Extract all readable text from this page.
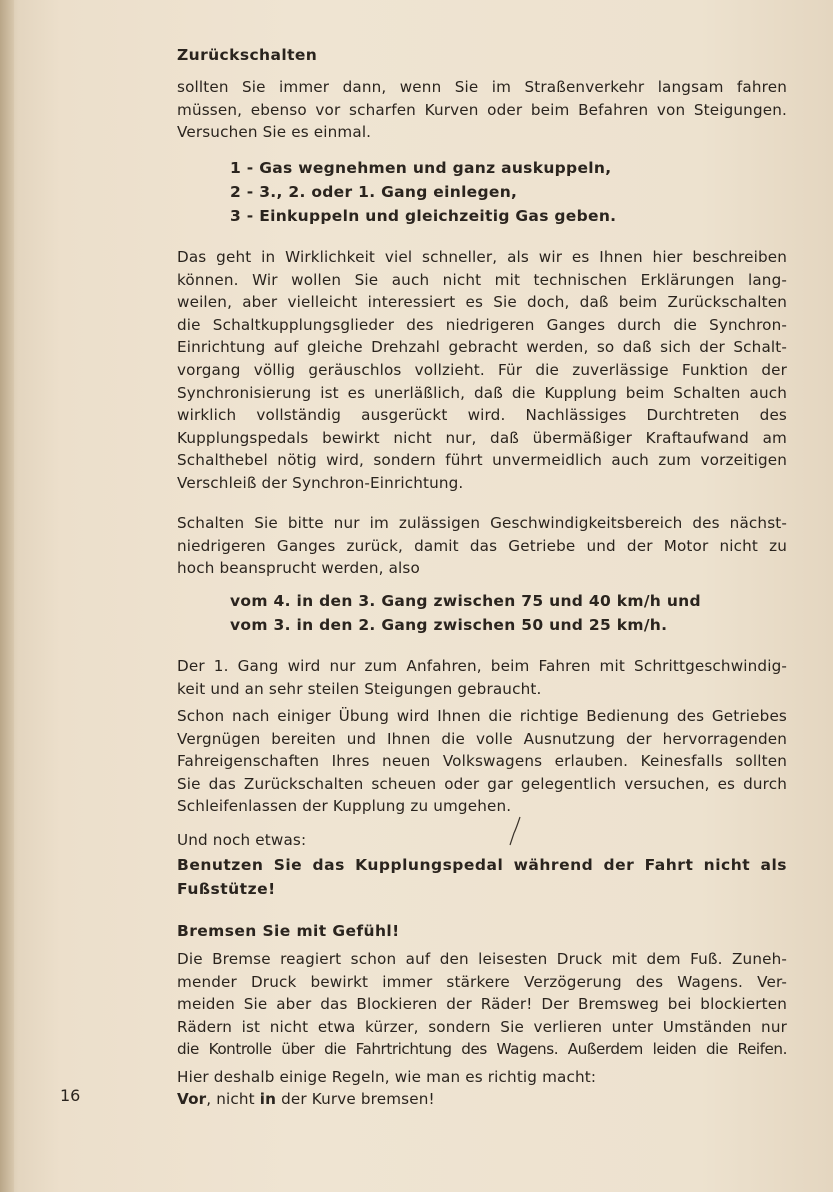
Zurückschalten
sollten Sie immer dann, wenn Sie im Straßenverkehr langsam fahren
müssen, ebenso vor scharfen Kurven oder beim Befahren von Steigungen.
Versuchen Sie es einmal.
1 - Gas wegnehmen und ganz auskuppeln,
2 - 3., 2. oder 1. Gang einlegen,
3 - Einkuppeln und gleichzeitig Gas geben.
Das geht in Wirklichkeit viel schneller, als wir es Ihnen hier beschreiben
können. Wir wollen Sie auch nicht mit technischen Erklärungen lang-
weilen, aber vielleicht interessiert es Sie doch, daß beim Zurückschalten
die Schaltkupplungsglieder des niedrigeren Ganges durch die Synchron-
Einrichtung auf gleiche Drehzahl gebracht werden, so daß sich der Schalt-
vorgang völlig geräuschlos vollzieht. Für die zuverlässige Funktion der
Synchronisierung ist es unerläßlich, daß die Kupplung beim Schalten auch
wirklich vollständig ausgerückt wird. Nachlässiges Durchtreten des
Kupplungspedals bewirkt nicht nur, daß übermäßiger Kraftaufwand am
Schalthebel nötig wird, sondern führt unvermeidlich auch zum vorzeitigen
Verschleiß der Synchron-Einrichtung.
Schalten Sie bitte nur im zulässigen Geschwindigkeitsbereich des nächst-
niedrigeren Ganges zurück, damit das Getriebe und der Motor nicht zu
hoch beansprucht werden, also
vom 4. in den 3. Gang zwischen 75 und 40 km/h und
vom 3. in den 2. Gang zwischen 50 und 25 km/h.
Der 1. Gang wird nur zum Anfahren, beim Fahren mit Schrittgeschwindig-
keit und an sehr steilen Steigungen gebraucht.
Schon nach einiger Übung wird Ihnen die richtige Bedienung des Getriebes
Vergnügen bereiten und Ihnen die volle Ausnutzung der hervorragenden
Fahreigenschaften Ihres neuen Volkswagens erlauben. Keinesfalls sollten
Sie das Zurückschalten scheuen oder gar gelegentlich versuchen, es durch
Schleifenlassen der Kupplung zu umgehen.
Und noch etwas:
Benutzen Sie das Kupplungspedal während der Fahrt nicht als
Fußstütze!
Bremsen Sie mit Gefühl!
Die Bremse reagiert schon auf den leisesten Druck mit dem Fuß. Zuneh-
mender Druck bewirkt immer stärkere Verzögerung des Wagens. Ver-
meiden Sie aber das Blockieren der Räder! Der Bremsweg bei blockierten
Rädern ist nicht etwa kürzer, sondern Sie verlieren unter Umständen nur
die Kontrolle über die Fahrtrichtung des Wagens. Außerdem leiden die Reifen.
Hier deshalb einige Regeln, wie man es richtig macht:
Vor, nicht in der Kurve bremsen!
16
